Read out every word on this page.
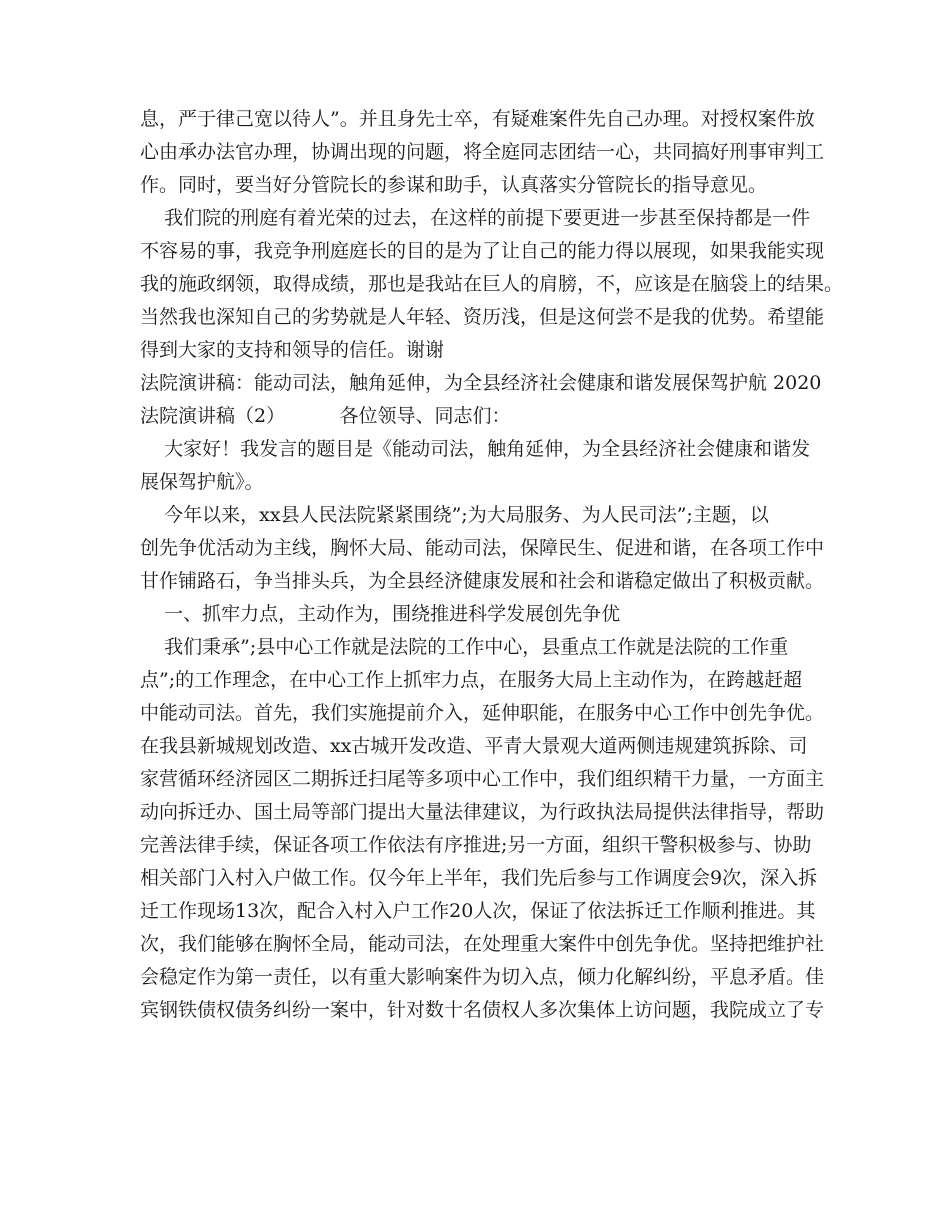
息，严于律己宽以待人”。并且身先士卒，有疑难案件先自己办理。对授权案件放
心由承办法官办理，协调出现的问题，将全庭同志团结一心，共同搞好刑事审判工
作。同时，要当好分管院长的参谋和助手，认真落实分管院长的指导意见。
我们院的刑庭有着光荣的过去，在这样的前提下要更进一步甚至保持都是一件
不容易的事，我竞争刑庭庭长的目的是为了让自己的能力得以展现，如果我能实现
我的施政纲领，取得成绩，那也是我站在巨人的肩膀，不，应该是在脑袋上的结果。
当然我也深知自己的劣势就是人年轻、资历浅，但是这何尝不是我的优势。希望能
得到大家的支持和领导的信任。谢谢
法院演讲稿：能动司法，触角延伸，为全县经济社会健康和谐发展保驾护航 2020
法院演讲稿（2）         各位领导、同志们：
大家好！我发言的题目是《能动司法，触角延伸，为全县经济社会健康和谐发
展保驾护航》。
今年以来，xx县人民法院紧紧围绕”;为大局服务、为人民司法”;主题，以
创先争优活动为主线，胸怀大局、能动司法，保障民生、促进和谐，在各项工作中
甘作铺路石，争当排头兵，为全县经济健康发展和社会和谐稳定做出了积极贡献。
一、抓牢力点，主动作为，围绕推进科学发展创先争优
我们秉承”;县中心工作就是法院的工作中心，县重点工作就是法院的工作重
点”;的工作理念，在中心工作上抓牢力点，在服务大局上主动作为，在跨越赶超
中能动司法。首先，我们实施提前介入，延伸职能，在服务中心工作中创先争优。
在我县新城规划改造、xx古城开发改造、平青大景观大道两侧违规建筑拆除、司
家营循环经济园区二期拆迁扫尾等多项中心工作中，我们组织精干力量，一方面主
动向拆迁办、国土局等部门提出大量法律建议，为行政执法局提供法律指导，帮助
完善法律手续，保证各项工作依法有序推进;另一方面，组织干警积极参与、协助
相关部门入村入户做工作。仅今年上半年，我们先后参与工作调度会9次，深入拆
迁工作现场13次，配合入村入户工作20人次，保证了依法拆迁工作顺利推进。其
次，我们能够在胸怀全局，能动司法，在处理重大案件中创先争优。坚持把维护社
会稳定作为第一责任，以有重大影响案件为切入点，倾力化解纠纷，平息矛盾。佳
宾钢铁债权债务纠纷一案中，针对数十名债权人多次集体上访问题，我院成立了专
